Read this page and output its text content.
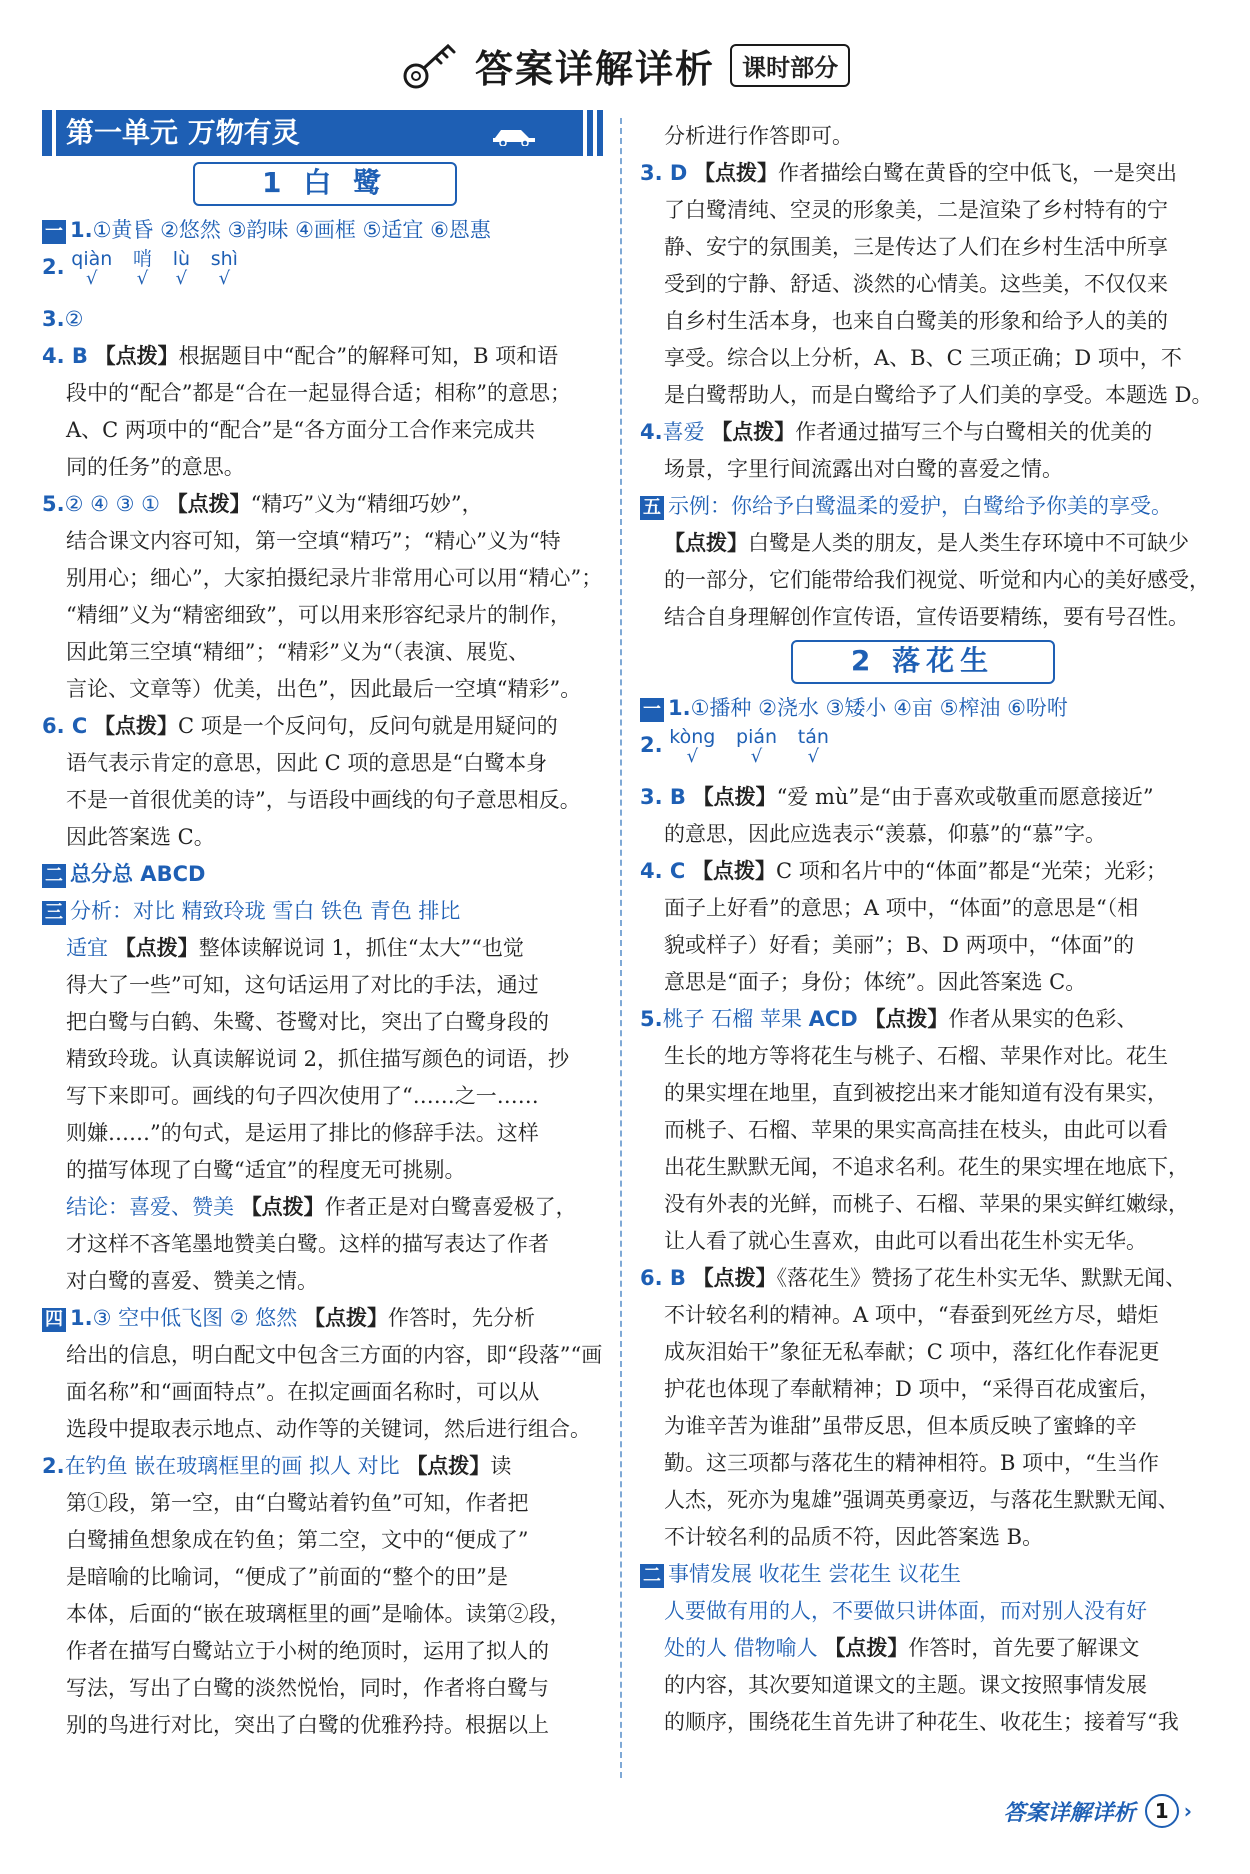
答案详解详析 课时部分
第一单元 万物有灵
1 白 鹭
一 1.①黄昏 ②悠然 ③韵味 ④画框 ⑤适宜 ⑥恩惠
2. qiàn
√

哨
√

lù
√

shì
√
3.②
4. B 【点拨】根据题目中“配合”的解释可知，B 项和语
段中的“配合”都是“合在一起显得合适；相称”的意思；
A、C 两项中的“配合”是“各方面分工合作来完成共
同的任务”的意思。
5.② ④ ③ ① 【点拨】“精巧”义为“精细巧妙”，
结合课文内容可知，第一空填“精巧”；“精心”义为“特
别用心；细心”，大家拍摄纪录片非常用心可以用“精心”；
“精细”义为“精密细致”，可以用来形容纪录片的制作，
因此第三空填“精细”；“精彩”义为“（表演、展览、
言论、文章等）优美，出色”，因此最后一空填“精彩”。
6. C 【点拨】C 项是一个反问句，反问句就是用疑问的
语气表示肯定的意思，因此 C 项的意思是“白鹭本身
不是一首很优美的诗”，与语段中画线的句子意思相反。
因此答案选 C。
二 总分总 ABCD
三 分析：对比 精致玲珑 雪白 铁色 青色 排比
适宜 【点拨】整体读解说词 1，抓住“太大”“也觉
得大了一些”可知，这句话运用了对比的手法，通过
把白鹭与白鹤、朱鹭、苍鹭对比，突出了白鹭身段的
精致玲珑。认真读解说词 2，抓住描写颜色的词语，抄
写下来即可。画线的句子四次使用了“……之一……
则嫌……”的句式，是运用了排比的修辞手法。这样
的描写体现了白鹭“适宜”的程度无可挑剔。
结论：喜爱、赞美 【点拨】作者正是对白鹭喜爱极了，
才这样不吝笔墨地赞美白鹭。这样的描写表达了作者
对白鹭的喜爱、赞美之情。
四 1.③ 空中低飞图 ② 悠然 【点拨】作答时，先分析
给出的信息，明白配文中包含三方面的内容，即“段落”“画
面名称”和“画面特点”。在拟定画面名称时，可以从
选段中提取表示地点、动作等的关键词，然后进行组合。
2.在钓鱼 嵌在玻璃框里的画 拟人 对比 【点拨】读
第①段，第一空，由“白鹭站着钓鱼”可知，作者把
白鹭捕鱼想象成在钓鱼；第二空，文中的“便成了”
是暗喻的比喻词，“便成了”前面的“整个的田”是
本体，后面的“嵌在玻璃框里的画”是喻体。读第②段，
作者在描写白鹭站立于小树的绝顶时，运用了拟人的
写法，写出了白鹭的淡然悦怡，同时，作者将白鹭与
别的鸟进行对比，突出了白鹭的优雅矜持。根据以上
分析进行作答即可。
3. D 【点拨】作者描绘白鹭在黄昏的空中低飞，一是突出
了白鹭清纯、空灵的形象美，二是渲染了乡村特有的宁
静、安宁的氛围美，三是传达了人们在乡村生活中所享
受到的宁静、舒适、淡然的心情美。这些美，不仅仅来
自乡村生活本身，也来自白鹭美的形象和给予人的美的
享受。综合以上分析，A、B、C 三项正确；D 项中，不
是白鹭帮助人，而是白鹭给予了人们美的享受。本题选 D。
4.喜爱 【点拨】作者通过描写三个与白鹭相关的优美的
场景，字里行间流露出对白鹭的喜爱之情。
五 示例：你给予白鹭温柔的爱护，白鹭给予你美的享受。
【点拨】白鹭是人类的朋友，是人类生存环境中不可缺少
的一部分，它们能带给我们视觉、听觉和内心的美好感受，
结合自身理解创作宣传语，宣传语要精练，要有号召性。
2 落花生
一 1.①播种 ②浇水 ③矮小 ④亩 ⑤榨油 ⑥吩咐
2. kòng
√

pián
√

tán
√
3. B 【点拨】“爱 mù”是“由于喜欢或敬重而愿意接近”
的意思，因此应选表示“羡慕，仰慕”的“慕”字。
4. C 【点拨】C 项和名片中的“体面”都是“光荣；光彩；
面子上好看”的意思；A 项中，“体面”的意思是“（相
貌或样子）好看；美丽”；B、D 两项中，“体面”的
意思是“面子；身份；体统”。因此答案选 C。
5.桃子 石榴 苹果 ACD 【点拨】作者从果实的色彩、
生长的地方等将花生与桃子、石榴、苹果作对比。花生
的果实埋在地里，直到被挖出来才能知道有没有果实，
而桃子、石榴、苹果的果实高高挂在枝头，由此可以看
出花生默默无闻，不追求名利。花生的果实埋在地底下，
没有外表的光鲜，而桃子、石榴、苹果的果实鲜红嫩绿，
让人看了就心生喜欢，由此可以看出花生朴实无华。
6. B 【点拨】《落花生》赞扬了花生朴实无华、默默无闻、
不计较名利的精神。A 项中，“春蚕到死丝方尽，蜡炬
成灰泪始干”象征无私奉献；C 项中，落红化作春泥更
护花也体现了奉献精神；D 项中，“采得百花成蜜后，
为谁辛苦为谁甜”虽带反思，但本质反映了蜜蜂的辛
勤。这三项都与落花生的精神相符。B 项中，“生当作
人杰，死亦为鬼雄”强调英勇豪迈，与落花生默默无闻、
不计较名利的品质不符，因此答案选 B。
二 事情发展 收花生 尝花生 议花生
人要做有用的人，不要做只讲体面，而对别人没有好
处的人 借物喻人 【点拨】作答时，首先要了解课文
的内容，其次要知道课文的主题。课文按照事情发展
的顺序，围绕花生首先讲了种花生、收花生；接着写“我
答案详解详析 1 ›
